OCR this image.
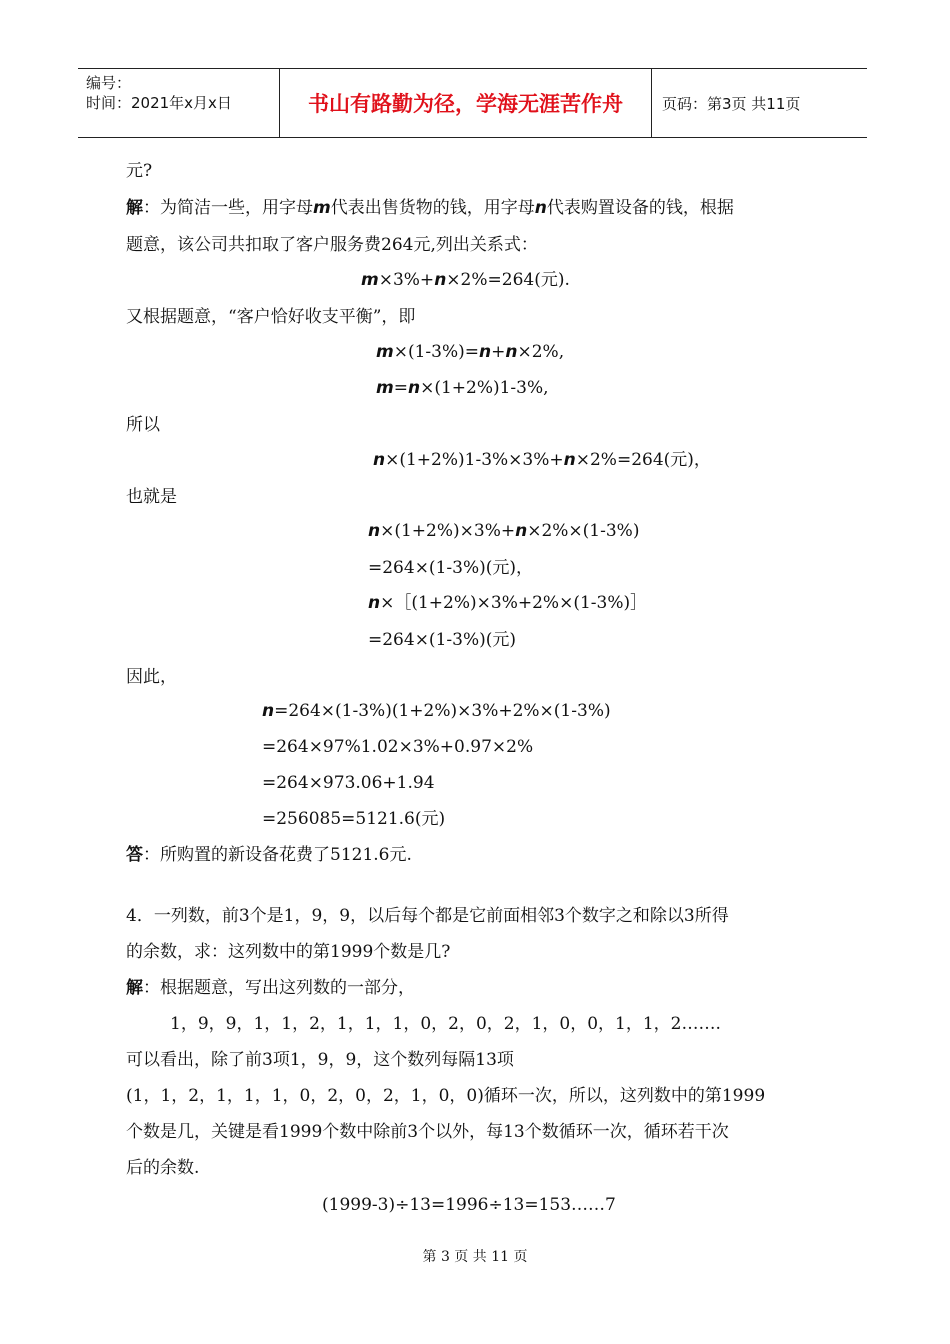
编号：
时间：2021年x月x日	书山有路勤为径，学海无涯苦作舟	页码：第3页 共11页
元?
解：为简洁一些，用字母m代表出售货物的钱，用字母n代表购置设备的钱，根据
题意，该公司共扣取了客户服务费264元,列出关系式：
m×3%+n×2%=264(元).
又根据题意，“客户恰好收支平衡”，即
m×(1-3%)=n+n×2%,
m=n×(1+2%)1-3%,
所以
n×(1+2%)1-3%×3%+n×2%=264(元)，
也就是
n×(1+2%)×3%+n×2%×(1-3%)
=264×(1-3%)(元)，
n×［(1+2%)×3%+2%×(1-3%)］
=264×(1-3%)(元)
因此，
n=264×(1-3%)(1+2%)×3%+2%×(1-3%)
=264×97%1.02×3%+0.97×2%
=264×973.06+1.94
=256085=5121.6(元)
答：所购置的新设备花费了5121.6元.
4．一列数，前3个是1，9，9，以后每个都是它前面相邻3个数字之和除以3所得
的余数，求：这列数中的第1999个数是几?
解：根据题意，写出这列数的一部分，
1，9，9，1，1，2，1，1，1，0，2，0，2，1，0，0，1，1，2…….
可以看出，除了前3项1，9，9，这个数列每隔13项
(1，1，2，1，1，1，0，2，0，2，1，0，0)循环一次，所以，这列数中的第1999
个数是几，关键是看1999个数中除前3个以外，每13个数循环一次，循环若干次
后的余数.
(1999-3)÷13=1996÷13=153……7
第 3 页 共 11 页
